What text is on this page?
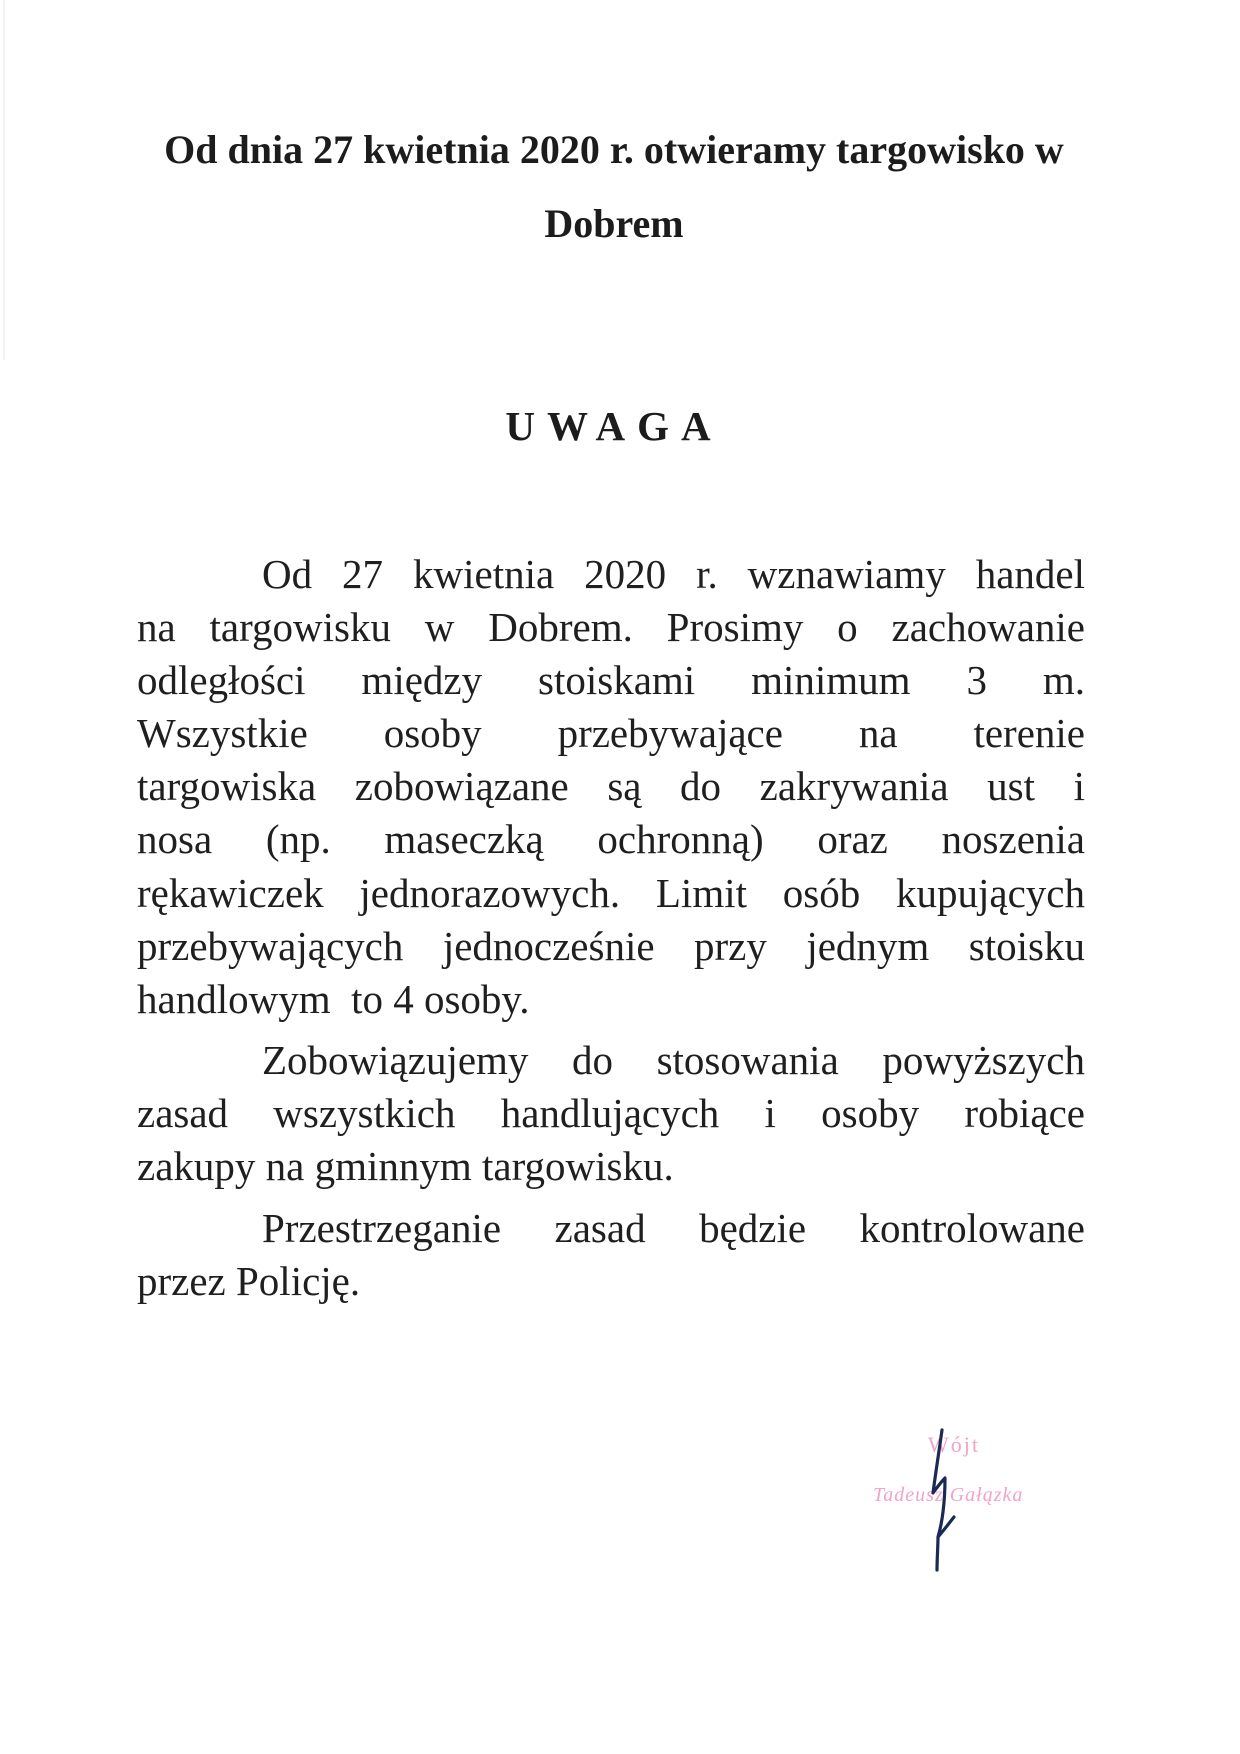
Od dnia 27 kwietnia 2020 r. otwieramy targowisko w
Dobrem
UWAGA
Od 27 kwietnia 2020 r. wznawiamy handel
na targowisku w Dobrem. Prosimy o zachowanie
odległości między stoiskami minimum 3 m.
Wszystkie osoby przebywające na terenie
targowiska zobowiązane są do zakrywania ust i
nosa (np. maseczką ochronną) oraz noszenia
rękawiczek jednorazowych. Limit osób kupujących
przebywających jednocześnie przy jednym stoisku
handlowym  to 4 osoby.
Zobowiązujemy do stosowania powyższych
zasad wszystkich handlujących i osoby robiące
zakupy na gminnym targowisku.
Przestrzeganie zasad będzie kontrolowane
przez Policję.
Wójt
Tadeusz Gałązka
